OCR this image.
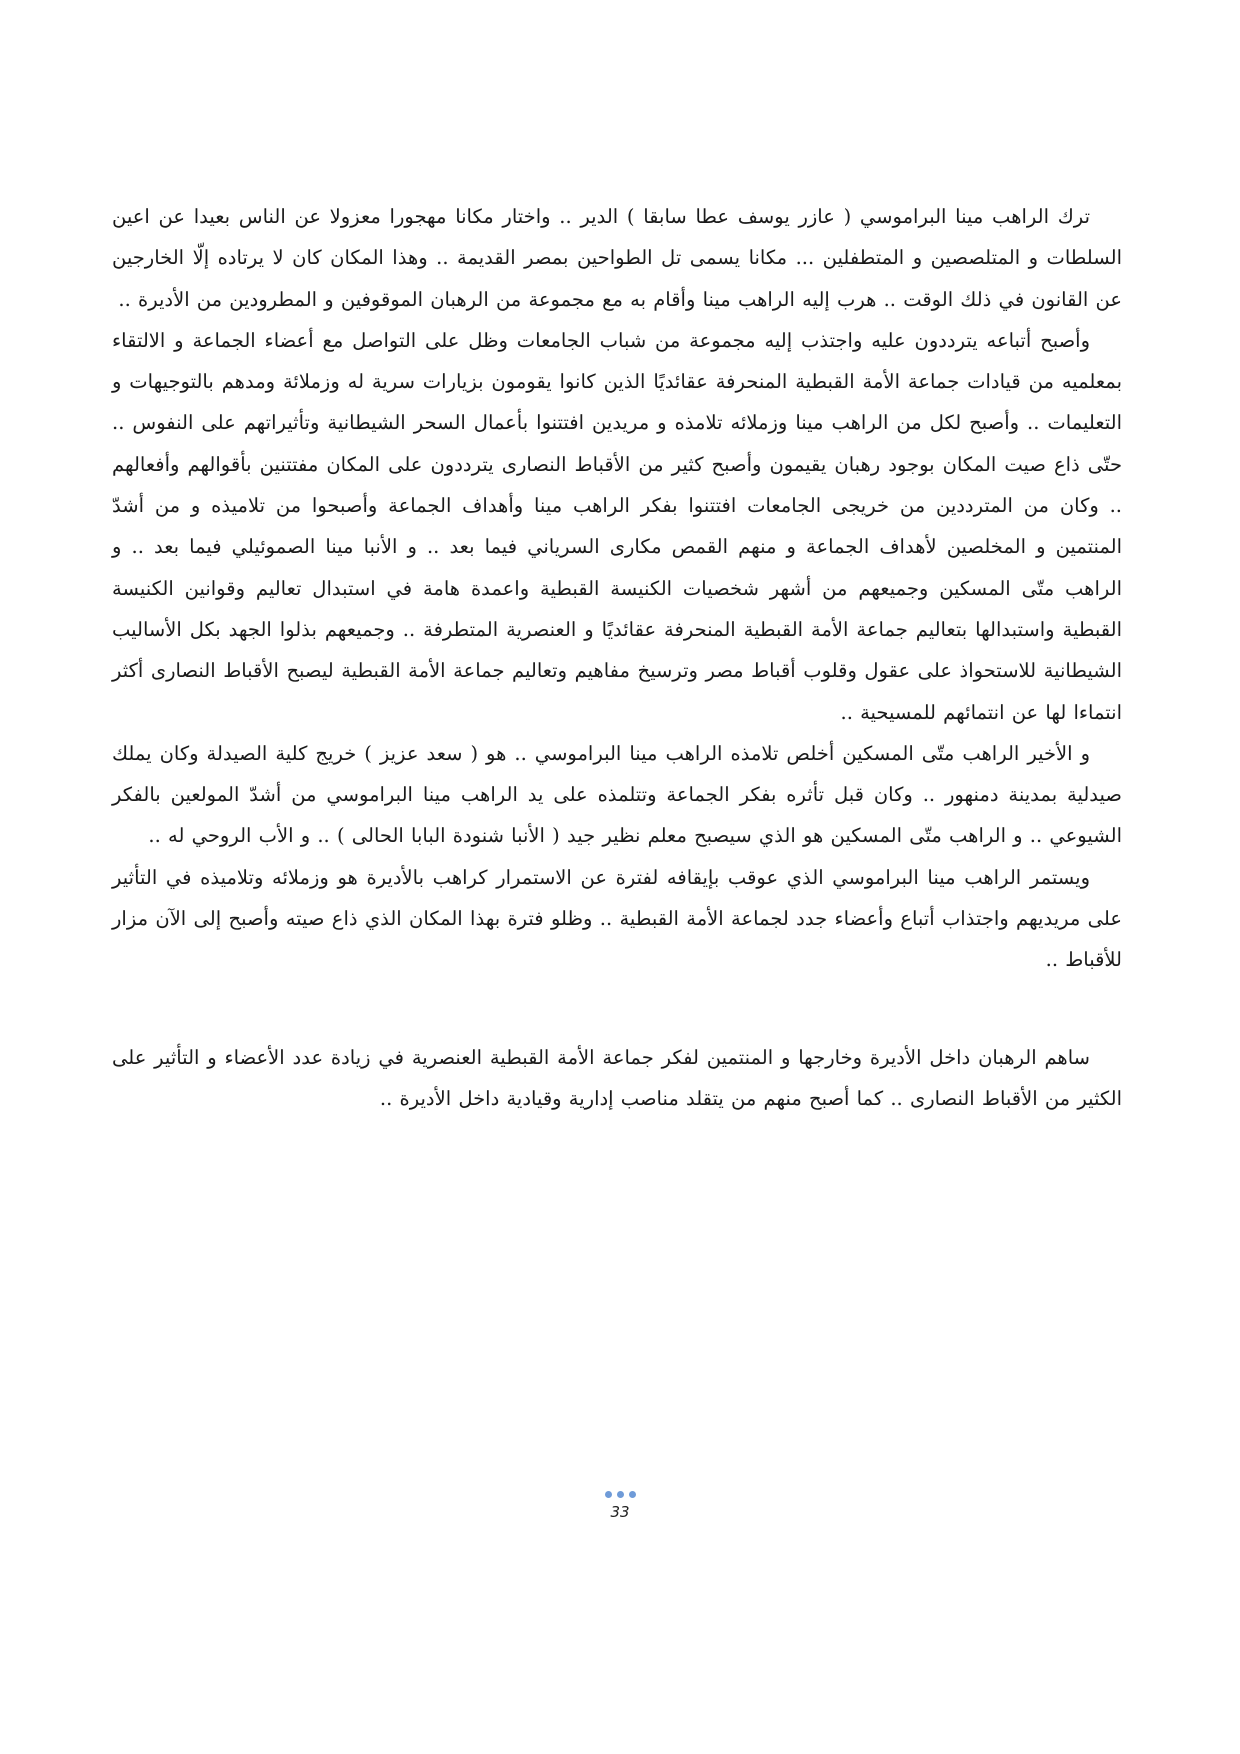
ترك الراهب مينا البراموسي ( عازر يوسف عطا سابقا ) الدير .. واختار مكانا مهجورا معزولا عن الناس بعيدا عن اعين السلطات و المتلصصين و المتطفلين ... مكانا يسمى تل الطواحين بمصر القديمة .. وهذا المكان كان لا يرتاده إلّا الخارجين عن القانون في ذلك الوقت .. هرب إليه الراهب مينا وأقام به مع مجموعة من الرهبان الموقوفين و المطرودين من الأديرة ..

وأصبح أتباعه يترددون عليه واجتذب إليه مجموعة من شباب الجامعات وظل على التواصل مع أعضاء الجماعة و الالتقاء بمعلميه من قيادات جماعة الأمة القبطية المنحرفة عقائديًا الذين كانوا يقومون بزيارات سرية له وزملائة ومدهم بالتوجيهات و التعليمات .. وأصبح لكل من الراهب مينا وزملائه تلامذه و مريدين افتتنوا بأعمال السحر الشيطانية وتأثيراتهم على النفوس .. حتّى ذاع صيت المكان بوجود رهبان يقيمون وأصبح كثير من الأقباط النصارى يترددون على المكان مفتتنين بأقوالهم وأفعالهم .. وكان من المترددين من خريجى الجامعات افتتنوا بفكر الراهب مينا وأهداف الجماعة وأصبحوا من تلاميذه و من أشدّ المنتمين و المخلصين لأهداف الجماعة و منهم القمص مكارى السرياني فيما بعد .. و الأنبا مينا الصموئيلي فيما بعد .. و الراهب متّى المسكين وجميعهم من أشهر شخصيات الكنيسة القبطية واعمدة هامة في استبدال تعاليم وقوانين الكنيسة القبطية واستبدالها بتعاليم جماعة الأمة القبطية المنحرفة عقائديًا و العنصرية المتطرفة .. وجميعهم بذلوا الجهد بكل الأساليب الشيطانية للاستحواذ على عقول وقلوب أقباط مصر وترسيخ مفاهيم وتعاليم جماعة الأمة القبطية ليصبح الأقباط النصارى أكثر انتماءا لها عن انتمائهم للمسيحية ..

و الأخير الراهب متّى المسكين أخلص تلامذه الراهب مينا البراموسي .. هو ( سعد عزيز ) خريج كلية الصيدلة وكان يملك صيدلية بمدينة دمنهور .. وكان قبل تأثره بفكر الجماعة وتتلمذه على يد الراهب مينا البراموسي من أشدّ المولعين بالفكر الشيوعي .. و الراهب متّى المسكين هو الذي سيصبح معلم نظير جيد ( الأنبا شنودة البابا الحالى ) .. و الأب الروحي له ..

ويستمر الراهب مينا البراموسي الذي عوقب بإيقافه لفترة عن الاستمرار كراهب بالأديرة هو وزملائه وتلاميذه في التأثير على مريديهم واجتذاب أتباع وأعضاء جدد لجماعة الأمة القبطية .. وظلو فترة بهذا المكان الذي ذاع صيته وأصبح إلى الآن مزار للأقباط ..

ساهم الرهبان داخل الأديرة وخارجها و المنتمين لفكر جماعة الأمة القبطية العنصرية في زيادة عدد الأعضاء و التأثير على الكثير من الأقباط النصارى .. كما أصبح منهم من يتقلد مناصب إدارية وقيادية داخل الأديرة ..

33
